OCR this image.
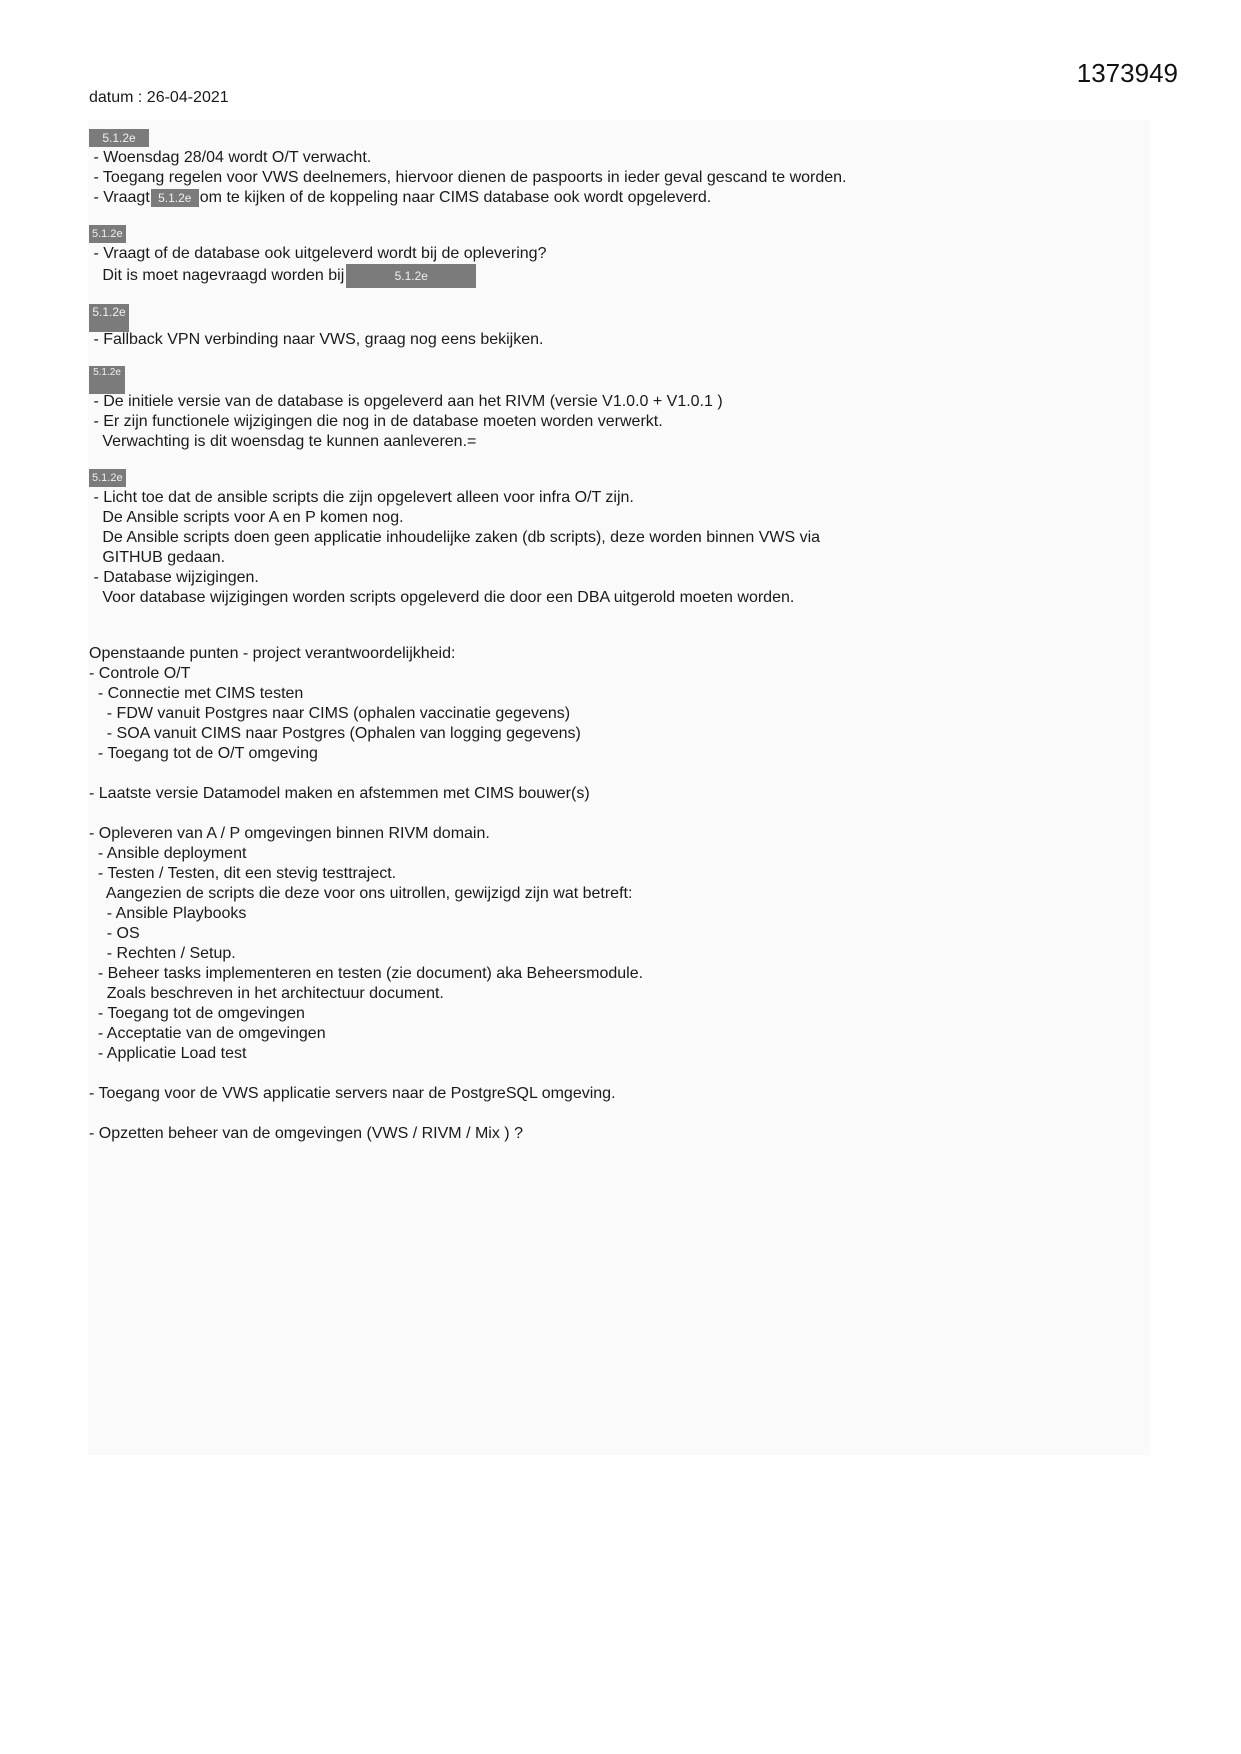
1373949
datum : 26-04-2021
5.1.2e
- Woensdag 28/04 wordt O/T verwacht.
- Toegang regelen voor VWS deelnemers, hiervoor dienen de paspoorts in ieder geval gescand te worden.
- Vraagt 5.1.2e om te kijken of de koppeling naar CIMS database ook wordt opgeleverd.
5.1.2e
- Vraagt of de database ook uitgeleverd wordt bij de oplevering?
Dit is moet nagevraagd worden bij	5.1.2e
5.1.2e
- Fallback VPN verbinding naar VWS, graag nog eens bekijken.
5.1.2e
- De initiele versie van de database is opgeleverd aan het RIVM (versie V1.0.0 + V1.0.1 )
- Er zijn functionele wijzigingen die nog in de database moeten worden verwerkt.
Verwachting is dit woensdag te kunnen aanleveren.=
5.1.2e
- Licht toe dat de ansible scripts die zijn opgelevert alleen voor infra O/T zijn.
De Ansible scripts voor A en P komen nog.
De Ansible scripts doen geen applicatie inhoudelijke zaken (db scripts), deze worden binnen VWS via
GITHUB gedaan.
- Database wijzigingen.
Voor database wijzigingen worden scripts opgeleverd die door een DBA uitgerold moeten worden.
Openstaande punten - project verantwoordelijkheid:
- Controle O/T
- Connectie met CIMS testen
- FDW vanuit Postgres naar CIMS (ophalen vaccinatie gegevens)
- SOA vanuit CIMS naar Postgres (Ophalen van logging gegevens)
- Toegang tot de O/T omgeving
- Laatste versie Datamodel maken en afstemmen met CIMS bouwer(s)
- Opleveren van A / P omgevingen binnen RIVM domain.
- Ansible deployment
- Testen / Testen, dit een stevig testtraject.
Aangezien de scripts die deze voor ons uitrollen, gewijzigd zijn wat betreft:
- Ansible Playbooks
- OS
- Rechten / Setup.
- Beheer tasks implementeren en testen (zie document) aka Beheersmodule.
Zoals beschreven in het architectuur document.
- Toegang tot de omgevingen
- Acceptatie van de omgevingen
- Applicatie Load test
- Toegang voor de VWS applicatie servers naar de PostgreSQL omgeving.
- Opzetten beheer van de omgevingen (VWS / RIVM / Mix ) ?
